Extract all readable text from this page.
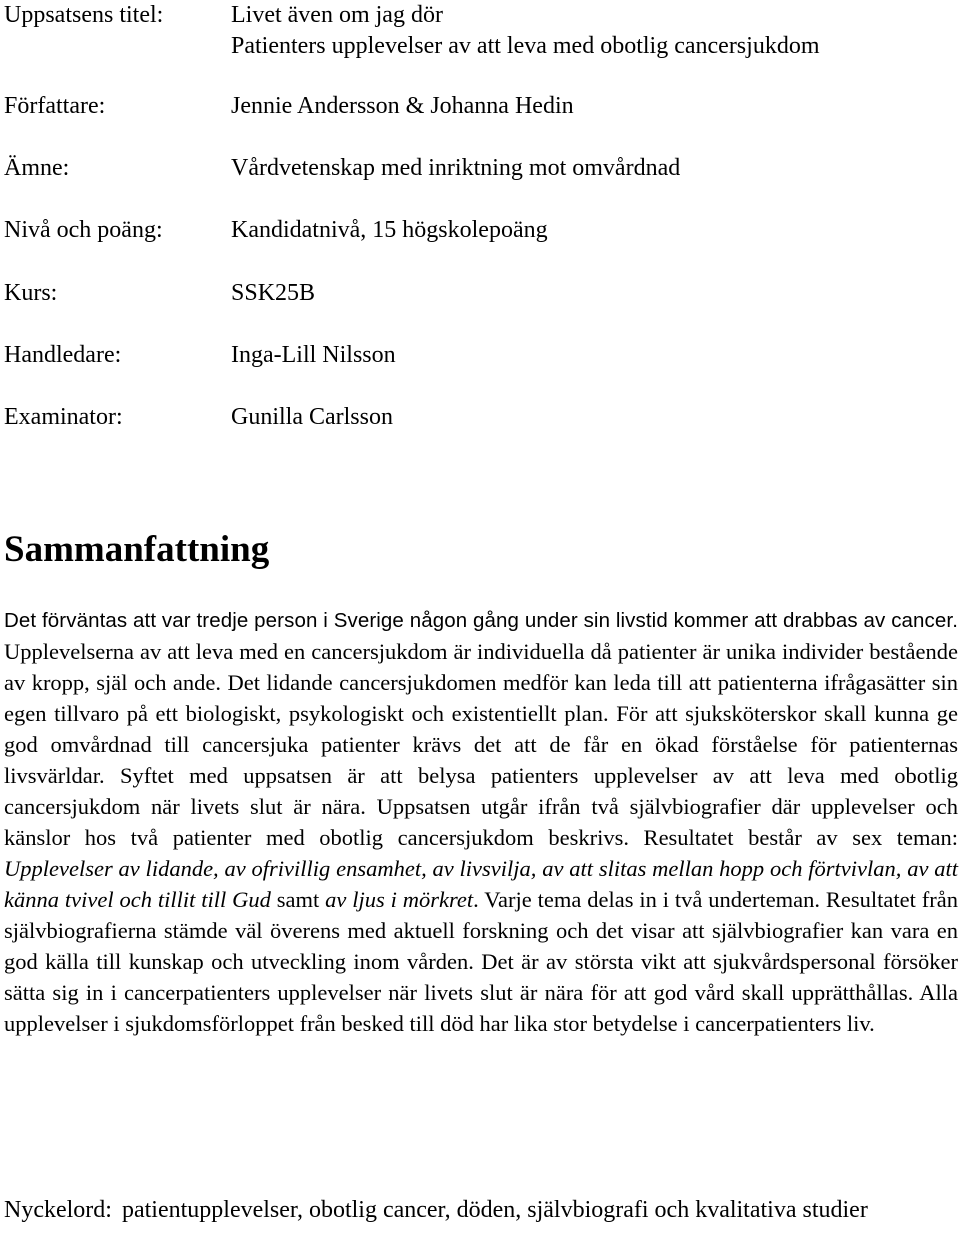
Uppsatsens titel:	Livet även om jag dör
Patienters upplevelser av att leva med obotlig cancersjukdom
Författare:	Jennie Andersson & Johanna Hedin
Ämne:	Vårdvetenskap med inriktning mot omvårdnad
Nivå och poäng:	Kandidatnivå, 15 högskolepoäng
Kurs:	SSK25B
Handledare:	Inga-Lill Nilsson
Examinator:	Gunilla Carlsson
Sammanfattning

Det förväntas att var tredje person i Sverige någon gång under sin livstid kommer att drabbas av cancer. Upplevelserna av att leva med en cancersjukdom är individuella då patienter är unika individer bestående av kropp, själ och ande. Det lidande cancersjukdomen medför kan leda till att patienterna ifrågasätter sin egen tillvaro på ett biologiskt, psykologiskt och existentiellt plan. För att sjuksköterskor skall kunna ge god omvårdnad till cancersjuka patienter krävs det att de får en ökad förståelse för patienternas livsvärldar. Syftet med uppsatsen är att belysa patienters upplevelser av att leva med obotlig cancersjukdom när livets slut är nära. Uppsatsen utgår ifrån två självbiografier där upplevelser och känslor hos två patienter med obotlig cancersjukdom beskrivs. Resultatet består av sex teman: Upplevelser av lidande, av ofrivillig ensamhet, av livsvilja, av att slitas mellan hopp och förtvivlan, av att känna tvivel och tillit till Gud samt av ljus i mörkret. Varje tema delas in i två underteman. Resultatet från självbiografierna stämde väl överens med aktuell forskning och det visar att självbiografier kan vara en god källa till kunskap och utveckling inom vården. Det är av största vikt att sjukvårdspersonal försöker sätta sig in i cancerpatienters upplevelser när livets slut är nära för att god vård skall upprätthållas. Alla upplevelser i sjukdomsförloppet från besked till död har lika stor betydelse i cancerpatienters liv.

Nyckelord: patientupplevelser, obotlig cancer, döden, självbiografi och kvalitativa studier
